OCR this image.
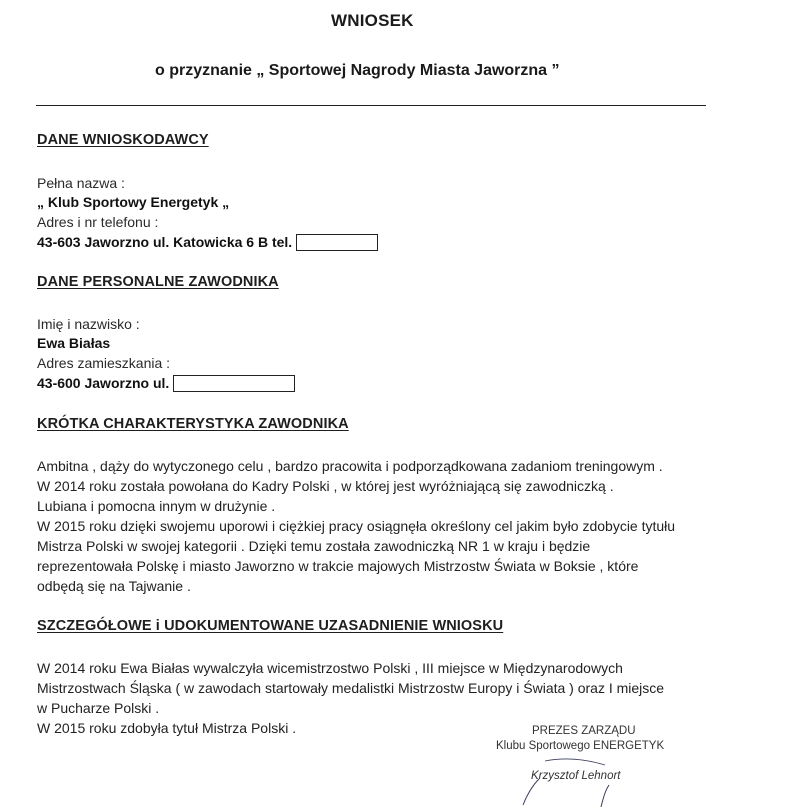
WNIOSEK
o przyznanie „ Sportowej Nagrody Miasta Jaworzna ”
DANE WNIOSKODAWCY
Pełna nazwa :
„ Klub Sportowy Energetyk „
Adres i nr telefonu :
43-603 Jaworzno ul. Katowicka 6 B tel.
DANE PERSONALNE ZAWODNIKA
Imię i nazwisko :
Ewa Białas
Adres zamieszkania :
43-600 Jaworzno ul.
KRÓTKA CHARAKTERYSTYKA ZAWODNIKA
Ambitna , dąży do wytyczonego celu , bardzo pracowita i podporządkowana zadaniom treningowym .
W 2014 roku została powołana do Kadry Polski , w której jest wyróżniającą się zawodniczką .
Lubiana i pomocna innym w drużynie .
W 2015 roku dzięki swojemu uporowi i ciężkiej pracy osiągnęła określony cel jakim było zdobycie tytułu
Mistrza Polski w swojej kategorii . Dzięki temu została zawodniczką NR 1 w kraju i będzie
reprezentowała Polskę i miasto Jaworzno w trakcie majowych Mistrzostw Świata w Boksie , które
odbędą się na Tajwanie .
SZCZEGÓŁOWE i UDOKUMENTOWANE UZASADNIENIE WNIOSKU
W 2014 roku Ewa Białas wywalczyła wicemistrzostwo Polski , III miejsce w Międzynarodowych
Mistrzostwach Śląska ( w zawodach startowały medalistki Mistrzostw Europy i Świata ) oraz I miejsce
w Pucharze Polski .
W 2015 roku zdobyła tytuł Mistrza Polski .	PREZES ZARZĄDU
Klubu Sportowego ENERGETYK
Krzysztof Lehnort
